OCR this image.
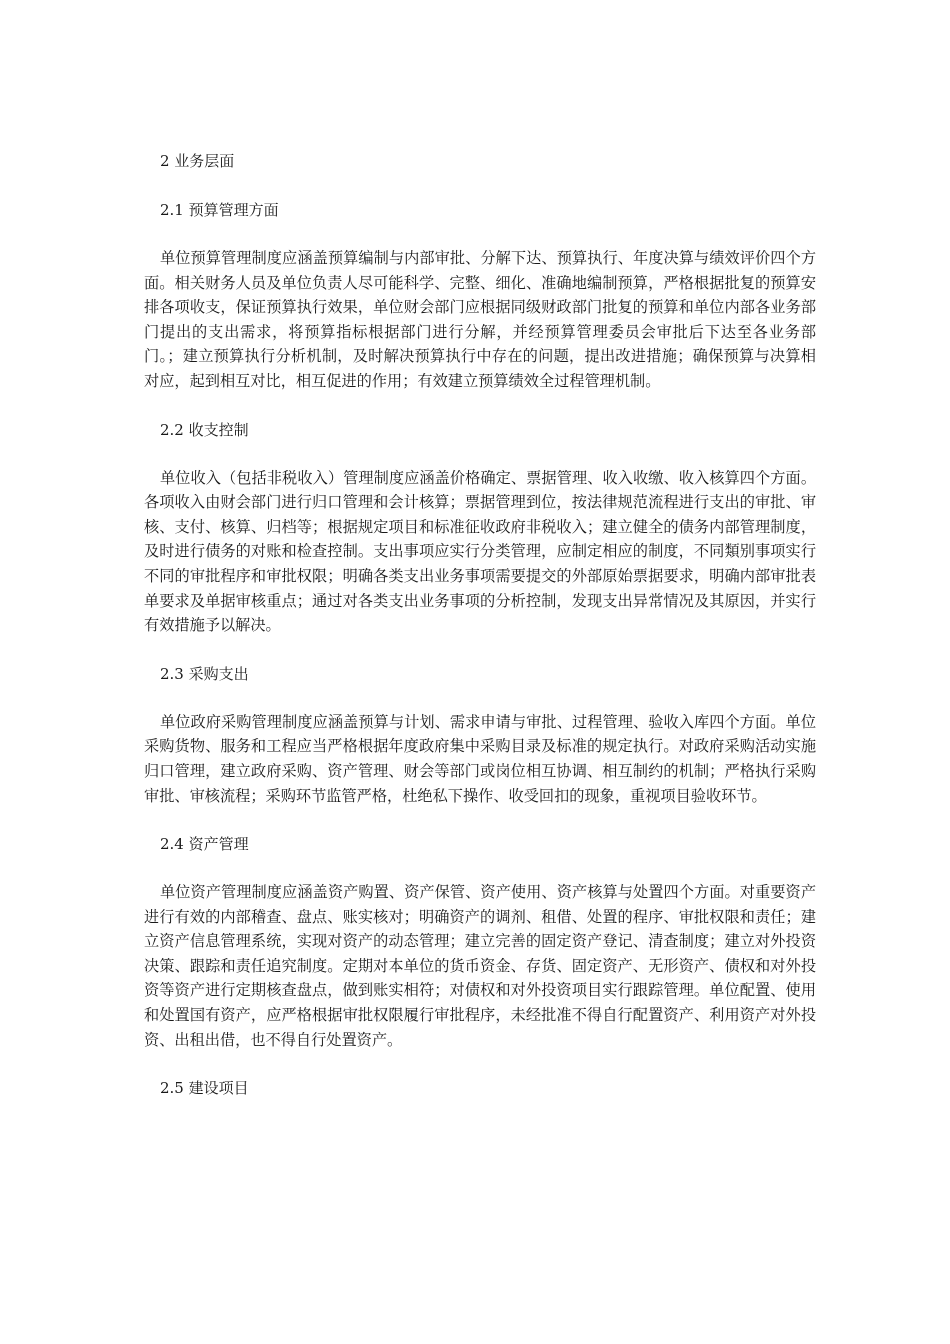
2 业务层面
2.1 预算管理方面

单位预算管理制度应涵盖预算编制与内部审批、分解下达、预算执行、年度决算与绩效评价四个方面。相关财务人员及单位负责人尽可能科学、完整、细化、准确地编制预算，严格根据批复的预算安排各项收支，保证预算执行效果，单位财会部门应根据同级财政部门批复的预算和单位内部各业务部门提出的支出需求，将预算指标根据部门进行分解，并经预算管理委员会审批后下达至各业务部门。；建立预算执行分析机制，及时解决预算执行中存在的问题，提出改进措施；确保预算与决算相对应，起到相互对比，相互促进的作用；有效建立预算绩效全过程管理机制。

2.2 收支控制

单位收入（包括非税收入）管理制度应涵盖价格确定、票据管理、收入收缴、收入核算四个方面。各项收入由财会部门进行归口管理和会计核算；票据管理到位，按法律规范流程进行支出的审批、审核、支付、核算、归档等；根据规定项目和标准征收政府非税收入；建立健全的债务内部管理制度，及时进行债务的对账和检查控制。支出事项应实行分类管理，应制定相应的制度，不同類别事项实行不同的审批程序和审批权限；明确各类支出业务事项需要提交的外部原始票据要求，明确内部审批表单要求及单据审核重点；通过对各类支出业务事项的分析控制，发现支出异常情况及其原因，并实行有效措施予以解决。

2.3 采购支出

单位政府采购管理制度应涵盖预算与计划、需求申请与审批、过程管理、验收入库四个方面。单位采购货物、服务和工程应当严格根据年度政府集中采购目录及标准的规定执行。对政府采购活动实施归口管理，建立政府采购、资产管理、财会等部门或岗位相互协调、相互制约的机制；严格执行采购审批、审核流程；采购环节监管严格，杜绝私下操作、收受回扣的现象，重视项目验收环节。

2.4 资产管理

单位资产管理制度应涵盖资产购置、资产保管、资产使用、资产核算与处置四个方面。对重要资产进行有效的内部稽查、盘点、账实核对；明确资产的调剂、租借、处置的程序、审批权限和责任；建立资产信息管理系统，实现对资产的动态管理；建立完善的固定资产登记、清查制度；建立对外投资决策、跟踪和责任追究制度。定期对本单位的货币资金、存货、固定资产、无形资产、债权和对外投资等资产进行定期核查盘点，做到账实相符；对债权和对外投资项目实行跟踪管理。单位配置、使用和处置国有资产，应严格根据审批权限履行审批程序，未经批准不得自行配置资产、利用资产对外投资、出租出借，也不得自行处置资产。

2.5 建设项目
